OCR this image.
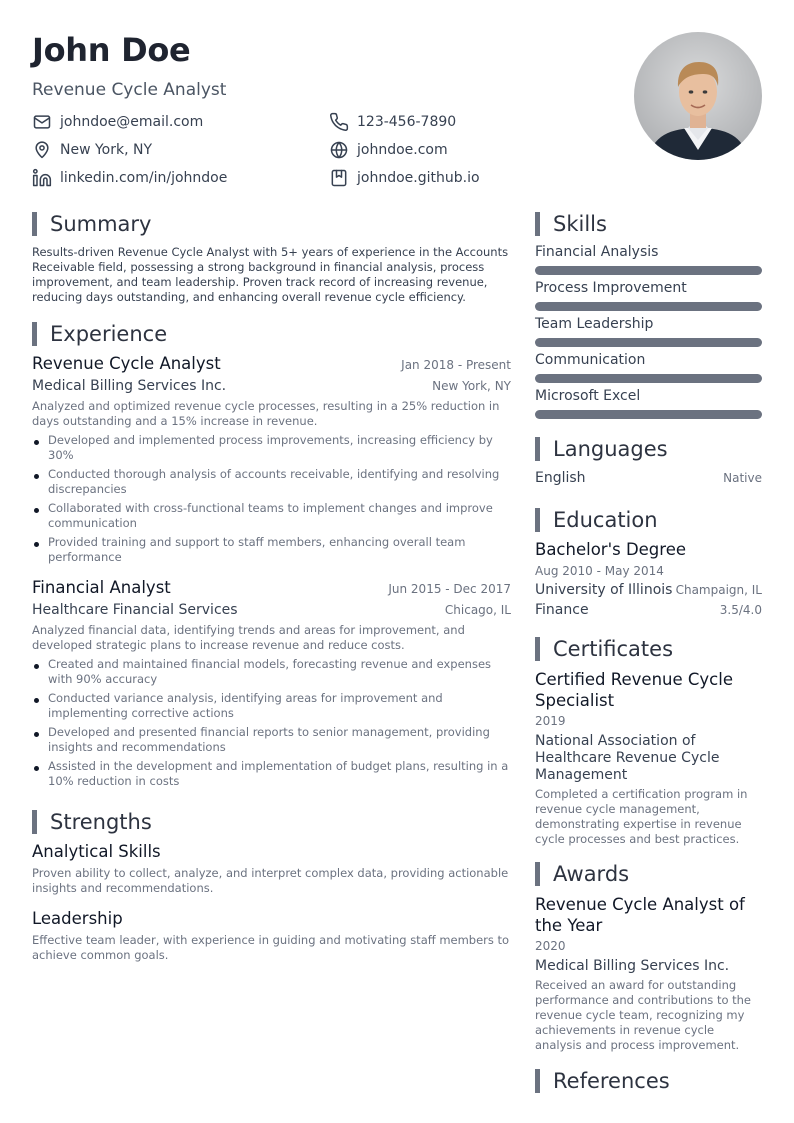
John Doe
Revenue Cycle Analyst
johndoe@email.com	123-456-7890
New York, NY	johndoe.com
linkedin.com/in/johndoe	johndoe.github.io
Summary
Results-driven Revenue Cycle Analyst with 5+ years of experience in the Accounts Receivable field, possessing a strong background in financial analysis, process improvement, and team leadership. Proven track record of increasing revenue, reducing days outstanding, and enhancing overall revenue cycle efficiency.
Experience
Revenue Cycle Analyst	Jan 2018 - Present
Medical Billing Services Inc.	New York, NY
Analyzed and optimized revenue cycle processes, resulting in a 25% reduction in days outstanding and a 15% increase in revenue.
Developed and implemented process improvements, increasing efficiency by 30%
Conducted thorough analysis of accounts receivable, identifying and resolving discrepancies
Collaborated with cross-functional teams to implement changes and improve communication
Provided training and support to staff members, enhancing overall team performance
Financial Analyst	Jun 2015 - Dec 2017
Healthcare Financial Services	Chicago, IL
Analyzed financial data, identifying trends and areas for improvement, and developed strategic plans to increase revenue and reduce costs.
Created and maintained financial models, forecasting revenue and expenses with 90% accuracy
Conducted variance analysis, identifying areas for improvement and implementing corrective actions
Developed and presented financial reports to senior management, providing insights and recommendations
Assisted in the development and implementation of budget plans, resulting in a 10% reduction in costs
Strengths
Analytical Skills
Proven ability to collect, analyze, and interpret complex data, providing actionable insights and recommendations.
Leadership
Effective team leader, with experience in guiding and motivating staff members to achieve common goals.
Skills
Financial Analysis
Process Improvement
Team Leadership
Communication
Microsoft Excel
Languages
English	Native
Education
Bachelor's Degree
Aug 2010 - May 2014
University of Illinois Champaign, IL
Finance	3.5/4.0
Certificates
Certified Revenue Cycle Specialist
2019
National Association of Healthcare Revenue Cycle Management
Completed a certification program in revenue cycle management, demonstrating expertise in revenue cycle processes and best practices.
Awards
Revenue Cycle Analyst of the Year
2020
Medical Billing Services Inc.
Received an award for outstanding performance and contributions to the revenue cycle team, recognizing my achievements in revenue cycle analysis and process improvement.
References
